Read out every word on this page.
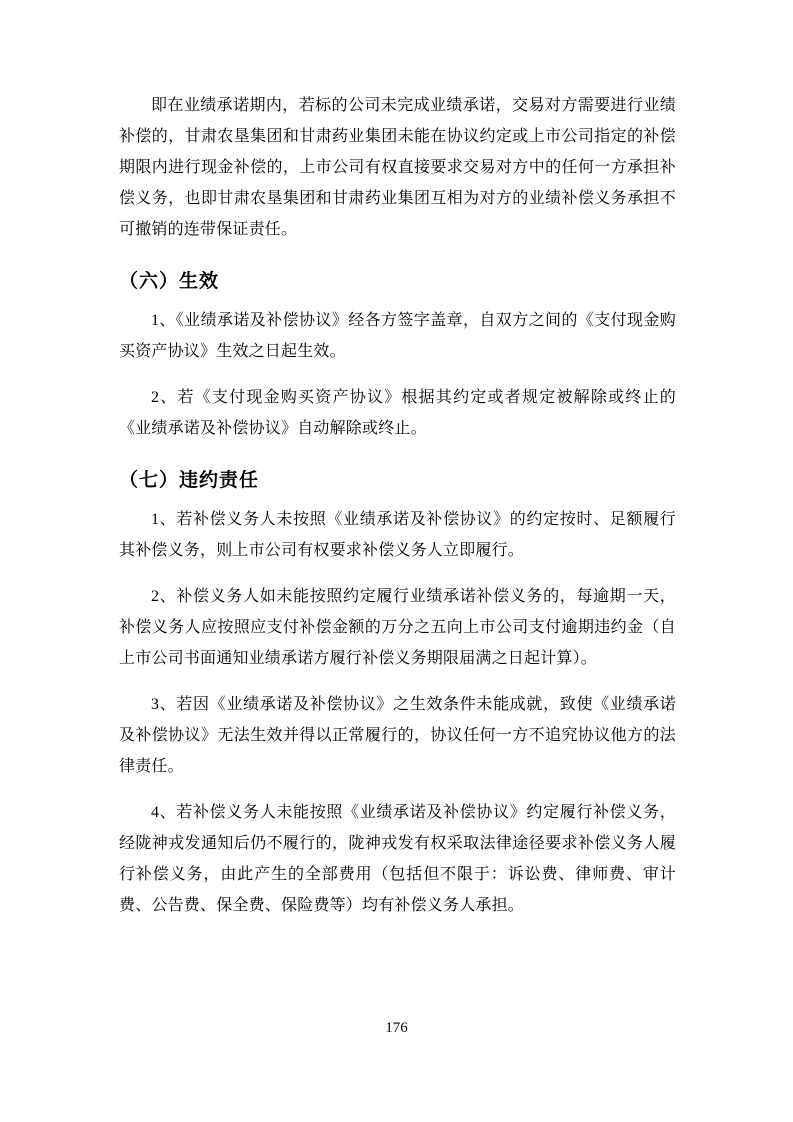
即在业绩承诺期内，若标的公司未完成业绩承诺，交易对方需要进行业绩补偿的，甘肃农垦集团和甘肃药业集团未能在协议约定或上市公司指定的补偿期限内进行现金补偿的，上市公司有权直接要求交易对方中的任何一方承担补偿义务，也即甘肃农垦集团和甘肃药业集团互相为对方的业绩补偿义务承担不可撤销的连带保证责任。

（六）生效

1、《业绩承诺及补偿协议》经各方签字盖章，自双方之间的《支付现金购买资产协议》生效之日起生效。

2、若《支付现金购买资产协议》根据其约定或者规定被解除或终止的《业绩承诺及补偿协议》自动解除或终止。

（七）违约责任

1、若补偿义务人未按照《业绩承诺及补偿协议》的约定按时、足额履行其补偿义务，则上市公司有权要求补偿义务人立即履行。

2、补偿义务人如未能按照约定履行业绩承诺补偿义务的，每逾期一天，补偿义务人应按照应支付补偿金额的万分之五向上市公司支付逾期违约金（自上市公司书面通知业绩承诺方履行补偿义务期限届满之日起计算）。

3、若因《业绩承诺及补偿协议》之生效条件未能成就，致使《业绩承诺及补偿协议》无法生效并得以正常履行的，协议任何一方不追究协议他方的法律责任。

4、若补偿义务人未能按照《业绩承诺及补偿协议》约定履行补偿义务，经陇神戎发通知后仍不履行的，陇神戎发有权采取法律途径要求补偿义务人履行补偿义务，由此产生的全部费用（包括但不限于：诉讼费、律师费、审计费、公告费、保全费、保险费等）均有补偿义务人承担。

176
